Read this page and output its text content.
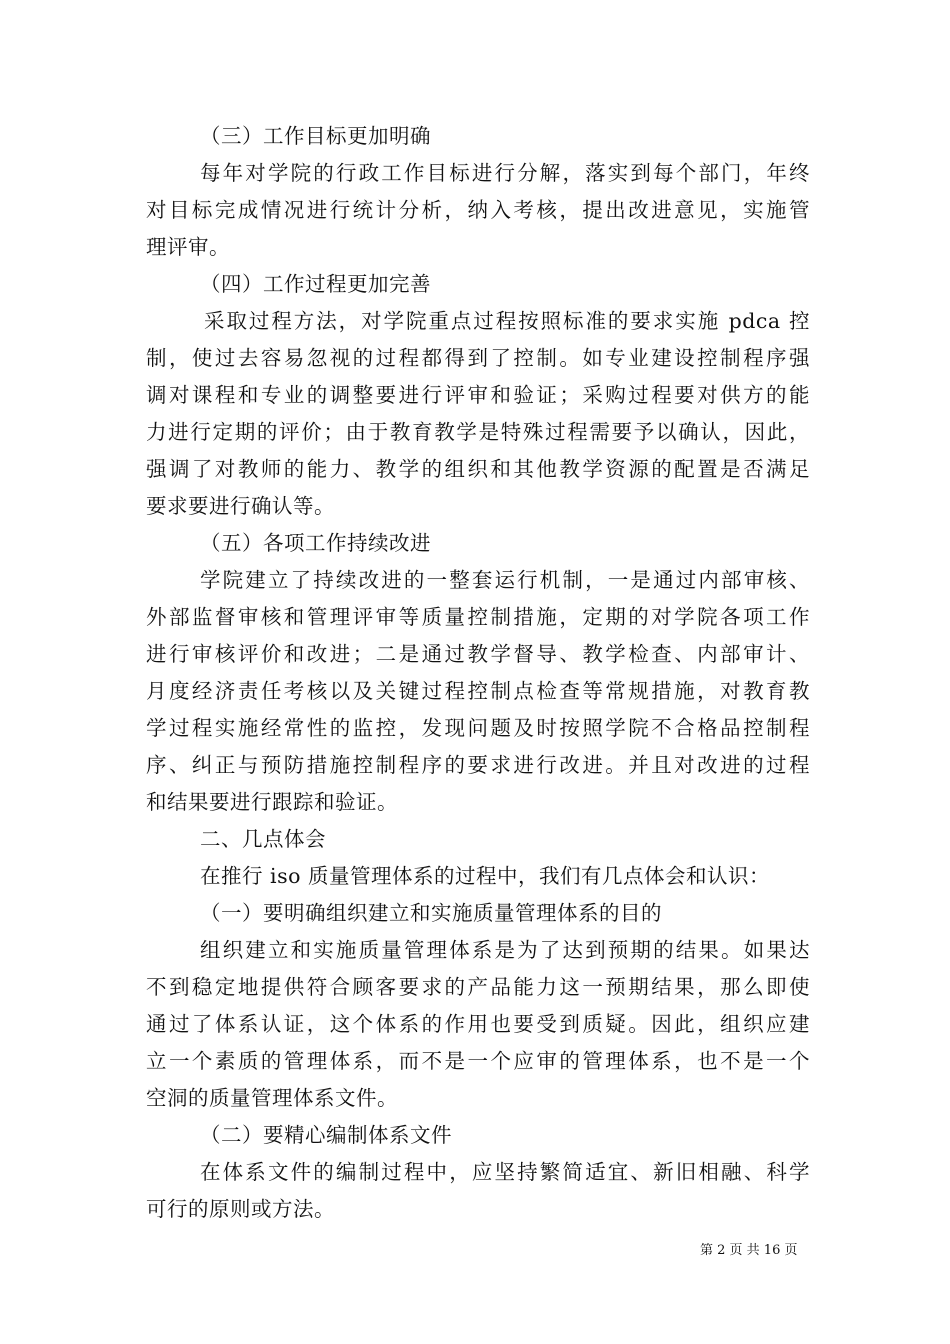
（三）工作目标更加明确
每年对学院的行政工作目标进行分解，落实到每个部门，年终
对目标完成情况进行统计分析，纳入考核，提出改进意见，实施管
理评审。
（四）工作过程更加完善
采取过程方法，对学院重点过程按照标准的要求实施 pdca 控
制，使过去容易忽视的过程都得到了控制。如专业建设控制程序强
调对课程和专业的调整要进行评审和验证；采购过程要对供方的能
力进行定期的评价；由于教育教学是特殊过程需要予以确认，因此，
强调了对教师的能力、教学的组织和其他教学资源的配置是否满足
要求要进行确认等。
（五）各项工作持续改进
学院建立了持续改进的一整套运行机制，一是通过内部审核、
外部监督审核和管理评审等质量控制措施，定期的对学院各项工作
进行审核评价和改进；二是通过教学督导、教学检查、内部审计、
月度经济责任考核以及关键过程控制点检查等常规措施，对教育教
学过程实施经常性的监控，发现问题及时按照学院不合格品控制程
序、纠正与预防措施控制程序的要求进行改进。并且对改进的过程
和结果要进行跟踪和验证。
二、几点体会
在推行 iso 质量管理体系的过程中，我们有几点体会和认识：
（一）要明确组织建立和实施质量管理体系的目的
组织建立和实施质量管理体系是为了达到预期的结果。如果达
不到稳定地提供符合顾客要求的产品能力这一预期结果，那么即使
通过了体系认证，这个体系的作用也要受到质疑。因此，组织应建
立一个素质的管理体系，而不是一个应审的管理体系，也不是一个
空洞的质量管理体系文件。
（二）要精心编制体系文件
在体系文件的编制过程中，应坚持繁简适宜、新旧相融、科学
可行的原则或方法。
第 2 页 共 16 页
